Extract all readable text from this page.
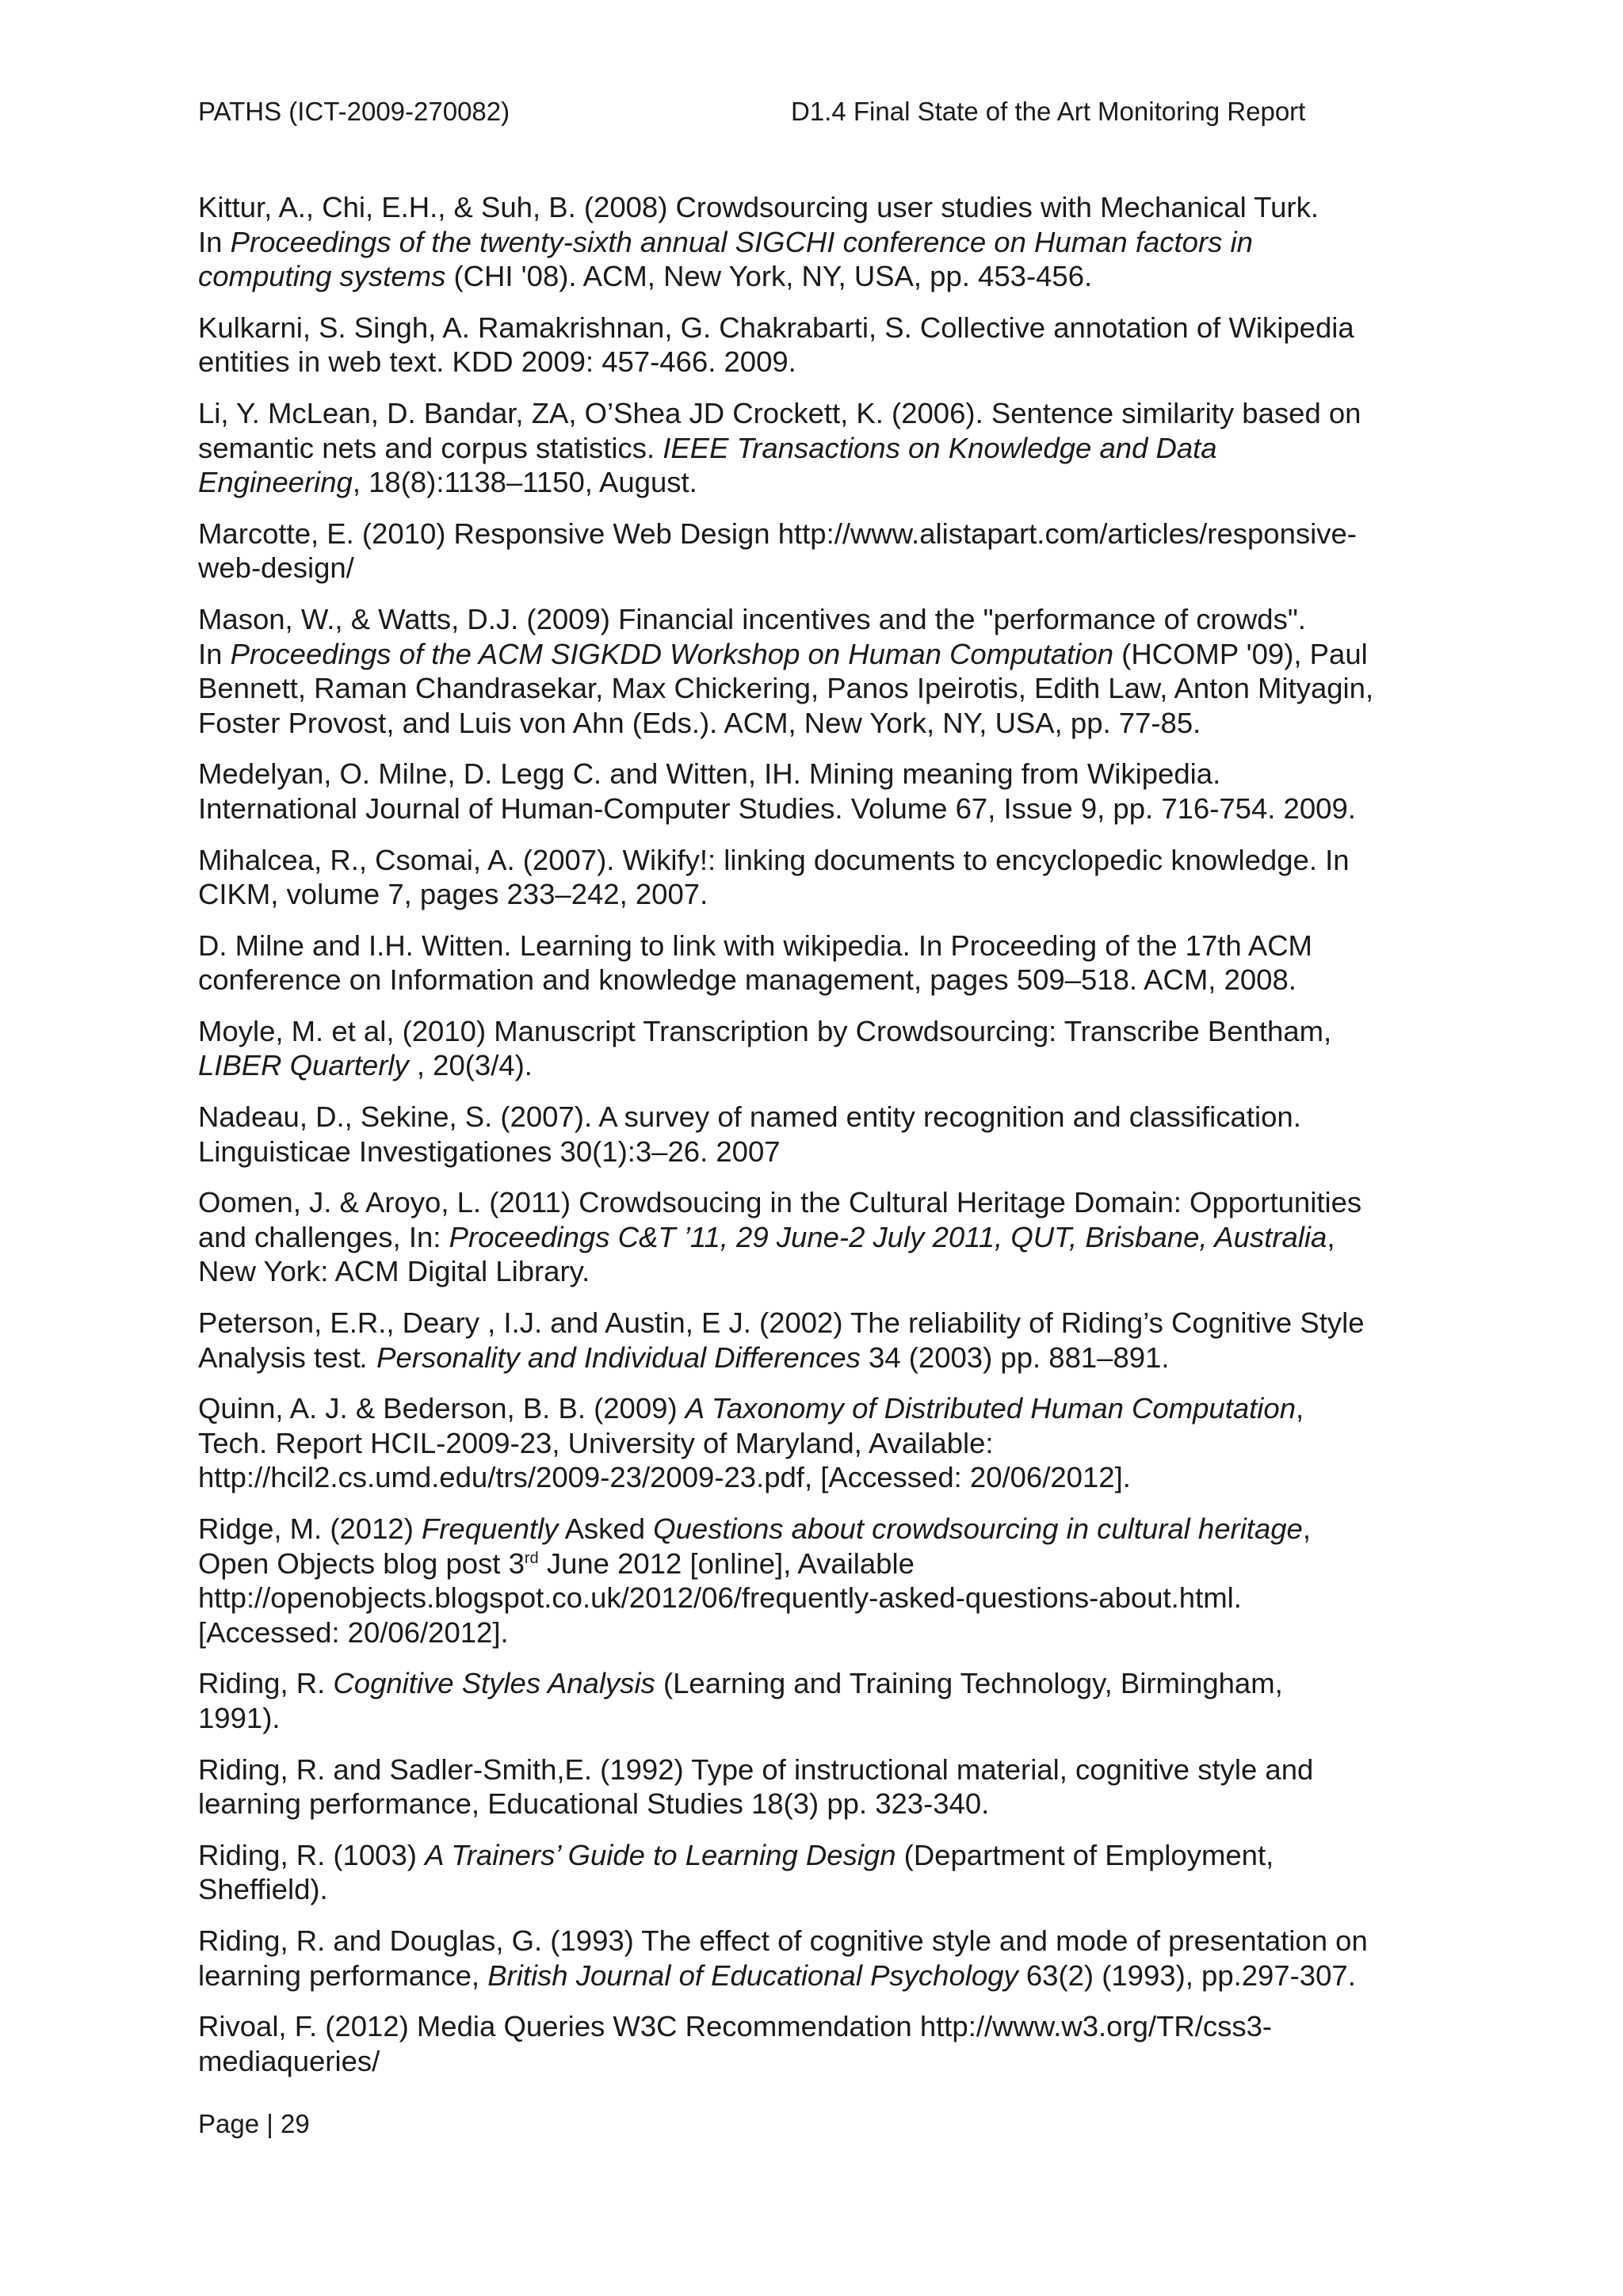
PATHS (ICT-2009-270082)	D1.4 Final State of the Art Monitoring Report
Kittur, A., Chi, E.H., & Suh, B. (2008) Crowdsourcing user studies with Mechanical Turk.
In Proceedings of the twenty-sixth annual SIGCHI conference on Human factors in
computing systems (CHI '08). ACM, New York, NY, USA, pp. 453-456.
Kulkarni, S. Singh, A. Ramakrishnan, G. Chakrabarti, S. Collective annotation of Wikipedia
entities in web text. KDD 2009: 457-466. 2009.
Li, Y. McLean, D. Bandar, ZA, O’Shea JD Crockett, K. (2006). Sentence similarity based on
semantic nets and corpus statistics. IEEE Transactions on Knowledge and Data
Engineering, 18(8):1138–1150, August.
Marcotte, E. (2010) Responsive Web Design http://www.alistapart.com/articles/responsive-
web-design/
Mason, W., & Watts, D.J. (2009) Financial incentives and the "performance of crowds".
In Proceedings of the ACM SIGKDD Workshop on Human Computation (HCOMP '09), Paul
Bennett, Raman Chandrasekar, Max Chickering, Panos Ipeirotis, Edith Law, Anton Mityagin,
Foster Provost, and Luis von Ahn (Eds.). ACM, New York, NY, USA, pp. 77-85.
Medelyan, O. Milne, D. Legg C. and Witten, IH. Mining meaning from Wikipedia.
International Journal of Human-Computer Studies. Volume 67, Issue 9, pp. 716-754. 2009.
Mihalcea, R., Csomai, A. (2007). Wikify!: linking documents to encyclopedic knowledge. In
CIKM, volume 7, pages 233–242, 2007.
D. Milne and I.H. Witten. Learning to link with wikipedia. In Proceeding of the 17th ACM
conference on Information and knowledge management, pages 509–518. ACM, 2008.
Moyle, M. et al, (2010) Manuscript Transcription by Crowdsourcing: Transcribe Bentham,
LIBER Quarterly , 20(3/4).
Nadeau, D., Sekine, S. (2007). A survey of named entity recognition and classification.
Linguisticae Investigationes 30(1):3–26. 2007
Oomen, J. & Aroyo, L. (2011) Crowdsoucing in the Cultural Heritage Domain: Opportunities
and challenges, In: Proceedings C&T ’11, 29 June-2 July 2011, QUT, Brisbane, Australia,
New York: ACM Digital Library.
Peterson, E.R., Deary , I.J. and Austin, E J. (2002) The reliability of Riding’s Cognitive Style
Analysis test. Personality and Individual Differences 34 (2003) pp. 881–891.
Quinn, A. J. & Bederson, B. B. (2009) A Taxonomy of Distributed Human Computation,
Tech. Report HCIL-2009-23, University of Maryland, Available:
http://hcil2.cs.umd.edu/trs/2009-23/2009-23.pdf, [Accessed: 20/06/2012].
Ridge, M. (2012) Frequently Asked Questions about crowdsourcing in cultural heritage,
Open Objects blog post 3rd June 2012 [online], Available
http://openobjects.blogspot.co.uk/2012/06/frequently-asked-questions-about.html.
[Accessed: 20/06/2012].
Riding, R. Cognitive Styles Analysis (Learning and Training Technology, Birmingham,
1991).
Riding, R. and Sadler-Smith,E. (1992) Type of instructional material, cognitive style and
learning performance, Educational Studies 18(3) pp. 323-340.
Riding, R. (1003) A Trainers’ Guide to Learning Design (Department of Employment,
Sheffield).
Riding, R. and Douglas, G. (1993) The effect of cognitive style and mode of presentation on
learning performance, British Journal of Educational Psychology 63(2) (1993), pp.297-307.
Rivoal, F. (2012) Media Queries W3C Recommendation http://www.w3.org/TR/css3-
mediaqueries/
Page | 29
